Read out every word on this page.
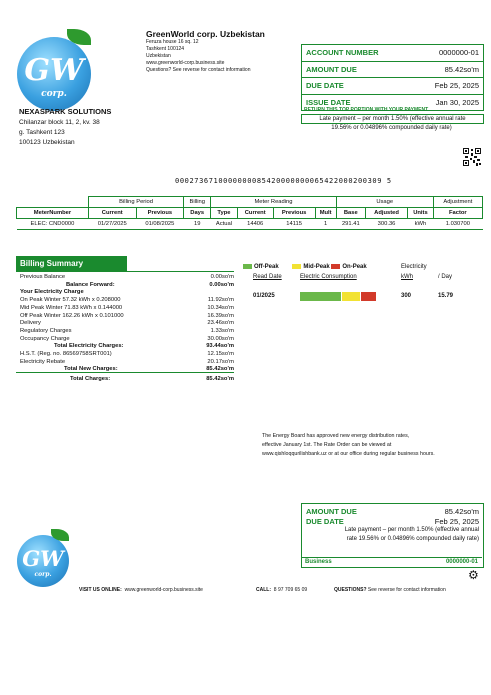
GW
corp.
GreenWorld corp. Uzbekistan
Feruza house 16 sq. 12
Tashkent 100124
Uzbekistan
www.greenworld-corp.business.site
Questions? See reverse for contact information
ACCOUNT NUMBER	0000000-01
AMOUNT DUE	85.42so'm
DUE DATE	Feb 25, 2025
ISSUE DATE	Jan 30, 2025
RETURN THIS TOP PORTION WITH YOUR PAYMENT
Late payment – per month 1.50% (effective annual rate
19.56% or 0.04896% compounded daily rate)
NEXASPARK SOLUTIONS
Chilanzar block 11, 2, kv. 38
g. Tashkent 123
100123 Uzbekistan
0002736710000000085420000000065422000200309 5
	Billing Period		Billing	Meter Reading				Usage			Adjustment
MeterNumber	Current	Previous	Days	Type	Current	Previous	Mult	Base	Adjusted	Units	Factor
ELEC: CND0000	01/27/2025	01/08/2025	19	Actual	14406	14115	1	291.41	300.36	kWh	1.030700
Billing Summary
Previous Balance	0.00so'm
Balance Forward:	0.00so'm
Your Electricity Charge
On Peak Winter 57.32 kWh x 0.208000	11.92so'm
Mid Peak Winter 71.83 kWh x 0.144000	10.34so'm
Off Peak Winter 162.26 kWh x 0.101000	16.39so'm
Delivery	23.46so'm
Regulatory Charges	1.33so'm
Occupancy Charge	30.00so'm
Total Electricity Charges:	93.44so'm
H.S.T. (Reg. no. 86569758SRT001)	12.15so'm
Electricity Rebate	20.17so'm
Total New Charges:	85.42so'm
Total Charges:	85.42so'm
Off-Peak	Mid-Peak On-Peak	Electricity
Read Date	Electric Consumption	kWh	/ Day
01/2025	300	15.79
The Energy Board has approved new energy distribution rates,
effective January 1st. The Rate Order can be viewed at
www.qishloqqurilishbank.uz or at our office during regular business hours.
GW
corp.
AMOUNT DUE	85.42so'm
DUE DATE	Feb 25, 2025
Late payment – per month 1.50% (effective annual
rate 19.56% or 0.04896% compounded daily rate)
Business	0000000-01
⚙
VISIT US ONLINE: www.greenworld-corp.business.site	CALL: 8 97 709 65 09	QUESTIONS? See reverse for contact information
